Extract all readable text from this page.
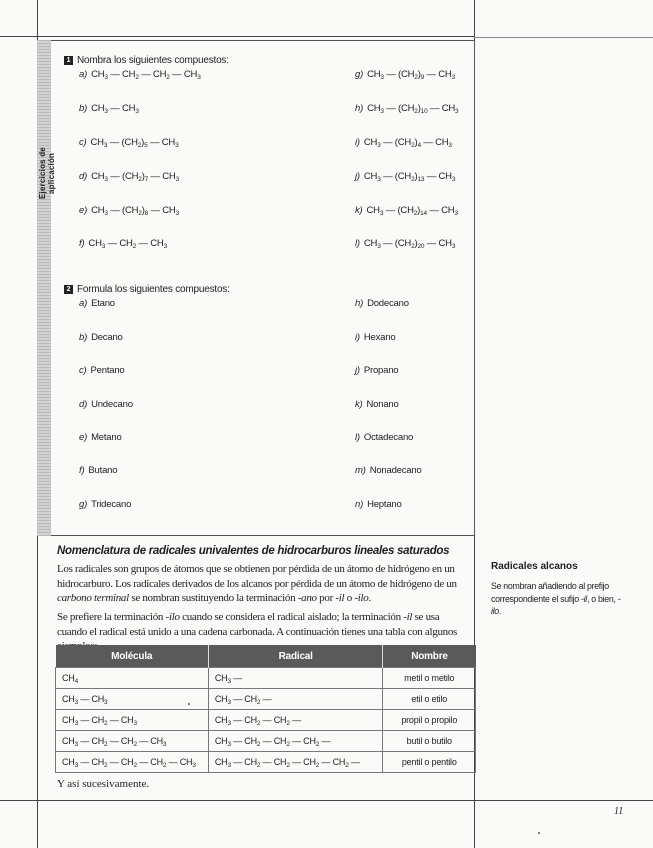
Ejercicios de aplicación
1 Nombra los siguientes compuestos:
a) $CH_3$ — $CH_2$ — $CH_2$ — $CH_3$
b) $CH_3$ — $CH_3$
c) $CH_3$ — $(CH_2)_5$ — $CH_3$
d) $CH_3$ — $(CH_2)_7$ — $CH_3$
e) $CH_3$ — $(CH_2)_8$ — $CH_3$
f) $CH_3$ — $CH_2$ — $CH_3$
g) $CH_3$ — $(CH_2)_9$ — $CH_3$
h) $CH_3$ — $(CH_2)_{10}$ — $CH_3$
i) $CH_3$ — $(CH_2)_4$ — $CH_3$
j) $CH_3$ — $(CH_2)_{13}$ — $CH_3$
k) $CH_3$ — $(CH_2)_{14}$ — $CH_3$
l) $CH_3$ — $(CH_2)_{20}$ — $CH_3$
2 Formula los siguientes compuestos:
a) Etano
b) Decano
c) Pentano
d) Undecano
e) Metano
f) Butano
g) Tridecano
h) Dodecano
i) Hexano
j) Propano
k) Nonano
l) Octadecano
m) Nonadecano
n) Heptano
Nomenclatura de radicales univalentes de hidrocarburos lineales saturados
Los radicales son grupos de átomos que se obtienen por pérdida de un átomo de hidrógeno en un hidrocarburo. Los radicales derivados de los alcanos por pérdida de un átomo de hidrógeno de un carbono terminal se nombran sustituyendo la terminación -ano por -il o -ilo.
Se prefiere la terminación -ilo cuando se considera el radical aislado; la terminación -il se usa cuando el radical está unido a una cadena carbonada. A continuación tienes una tabla con algunos
Radicales alcanos
Se nombran añadiendo al prefijo correspondiente el sufijo -il, o bien, -ilo.
Molécula	Radical	Nombre
$CH_4$	$CH_3$ —	metil o metilo
$CH_3$ — $CH_3$	$CH_3$ — $CH_2$ —	etil o etilo
$CH_3$ — $CH_2$ — $CH_3$	$CH_3$ — $CH_2$ — $CH_2$ —	propil o propilo
$CH_3$ — $CH_2$ — $CH_2$ — $CH_3$	$CH_3$ — $CH_2$ — $CH_2$ — $CH_2$ —	butil o butilo
$CH_3$ — $CH_2$ — $CH_2$ — $CH_2$ — $CH_3$	$CH_3$ — $CH_2$ — $CH_2$ — $CH_2$ — $CH_2$ —	pentil o pentilo
Y así sucesivamente.
11
